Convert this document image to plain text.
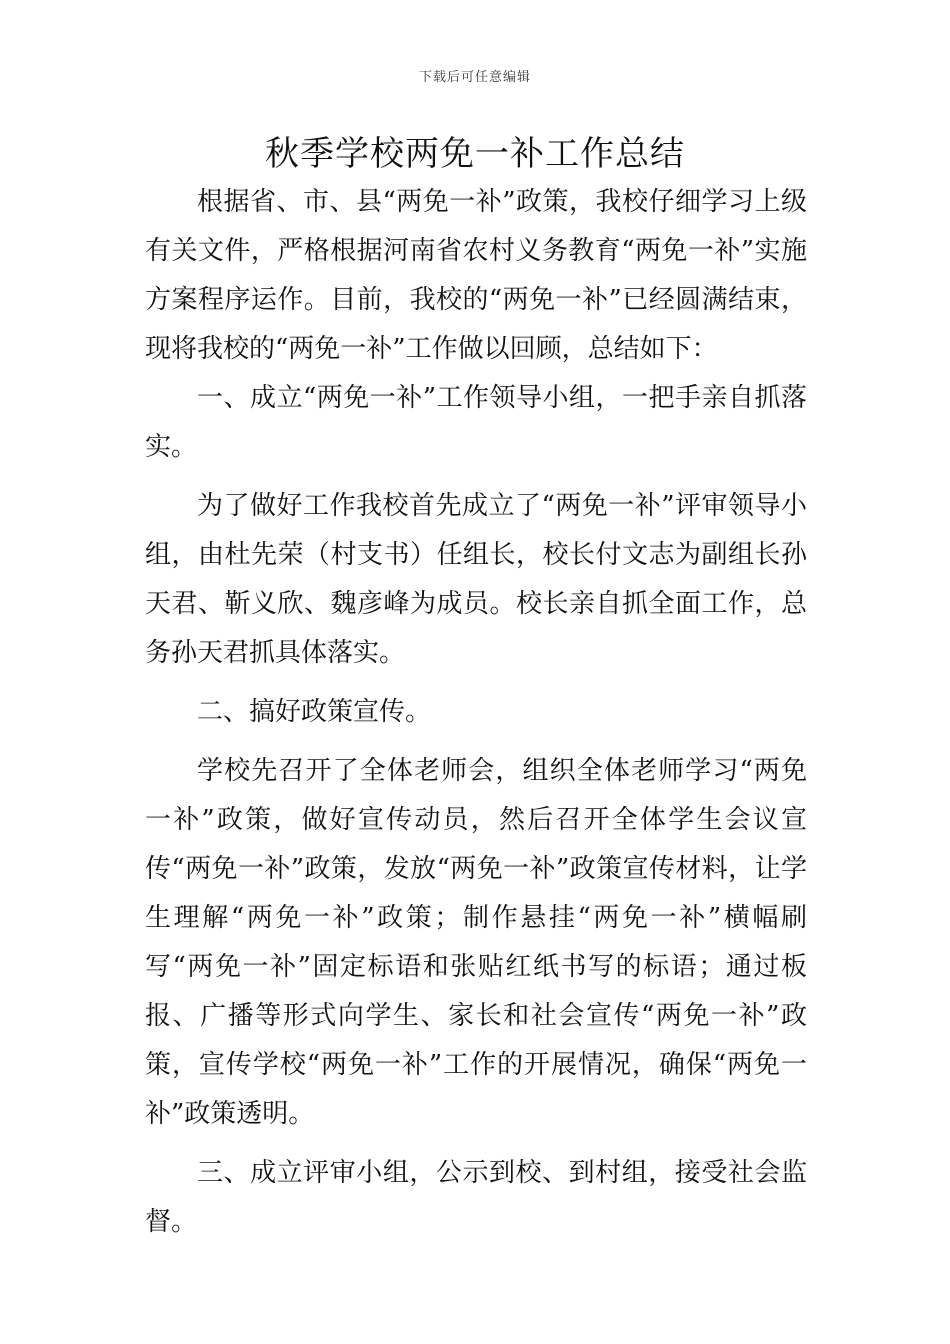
下载后可任意编辑
秋季学校两免一补工作总结

根据省、市、县“两免一补”政策，我校仔细学习上级有关文件，严格根据河南省农村义务教育“两免一补”实施方案程序运作。目前，我校的“两免一补”已经圆满结束，现将我校的“两免一补”工作做以回顾，总结如下：

一、成立“两免一补”工作领导小组，一把手亲自抓落实。

为了做好工作我校首先成立了“两免一补”评审领导小组，由杜先荣（村支书）任组长，校长付文志为副组长孙天君、靳义欣、魏彦峰为成员。校长亲自抓全面工作，总务孙天君抓具体落实。

二、搞好政策宣传。

学校先召开了全体老师会，组织全体老师学习“两免一补”政策，做好宣传动员，然后召开全体学生会议宣传“两免一补”政策，发放“两免一补”政策宣传材料，让学生理解“两免一补”政策；制作悬挂“两免一补”横幅刷写“两免一补”固定标语和张贴红纸书写的标语；通过板报、广播等形式向学生、家长和社会宣传“两免一补”政策，宣传学校“两免一补”工作的开展情况，确保“两免一补”政策透明。

三、成立评审小组，公示到校、到村组，接受社会监督。
